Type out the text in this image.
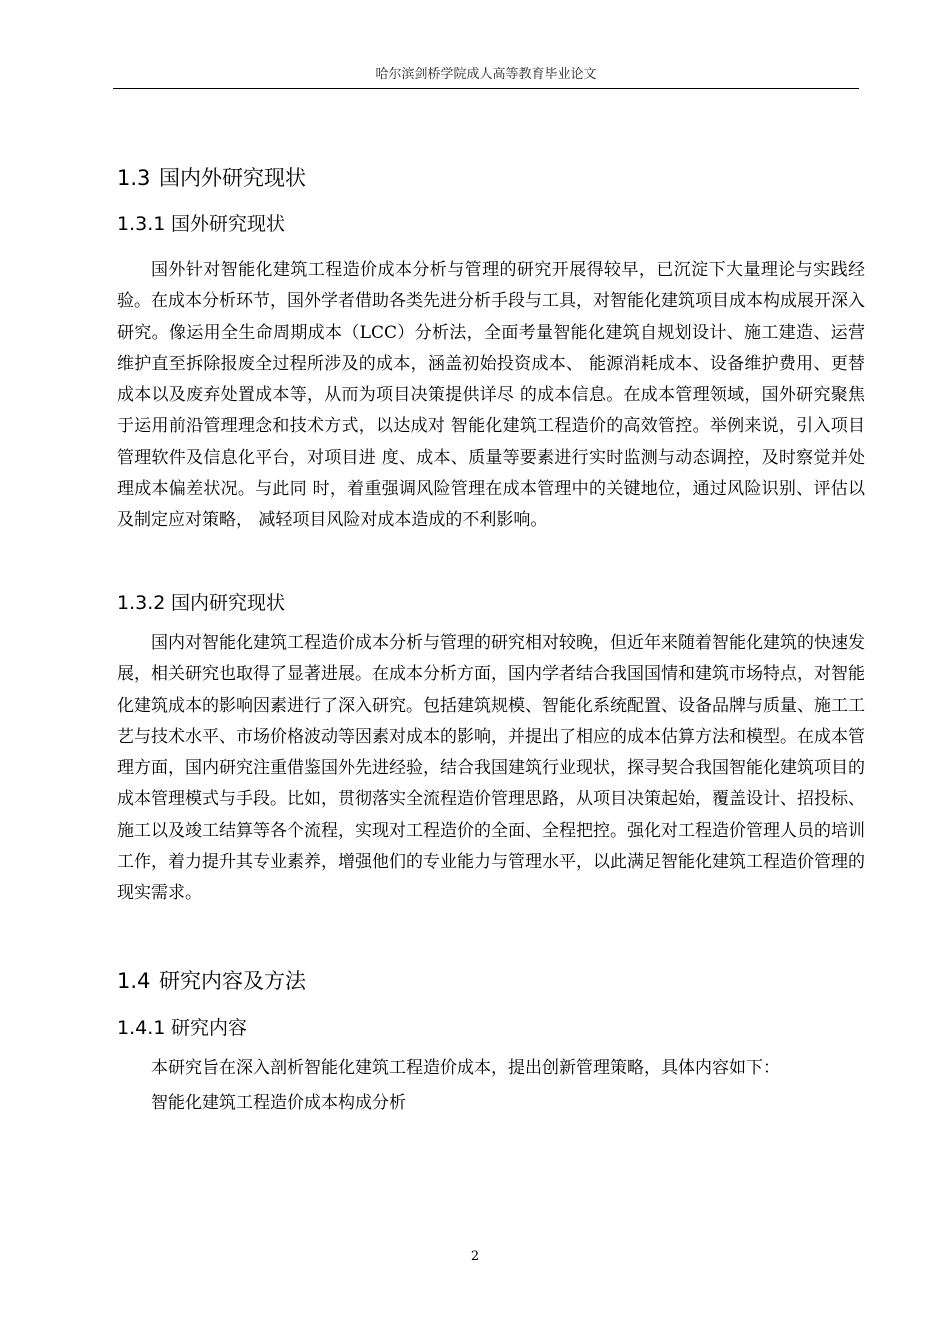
哈尔滨剑桥学院成人高等教育毕业论文
1.3 国内外研究现状
1.3.1 国外研究现状

国外针对智能化建筑工程造价成本分析与管理的研究开展得较早，已沉淀下大量理论与实践经验。在成本分析环节，国外学者借助各类先进分析手段与工具，对智能化建筑项目成本构成展开深入研究。像运用全生命周期成本（LCC）分析法，全面考量智能化建筑自规划设计、施工建造、运营维护直至拆除报废全过程所涉及的成本，涵盖初始投资成本、 能源消耗成本、设备维护费用、更替成本以及废弃处置成本等，从而为项目决策提供详尽 的成本信息。在成本管理领域，国外研究聚焦于运用前沿管理理念和技术方式，以达成对 智能化建筑工程造价的高效管控。举例来说，引入项目管理软件及信息化平台，对项目进 度、成本、质量等要素进行实时监测与动态调控，及时察觉并处理成本偏差状况。与此同 时，着重强调风险管理在成本管理中的关键地位，通过风险识别、评估以及制定应对策略， 减轻项目风险对成本造成的不利影响。

1.3.2 国内研究现状

国内对智能化建筑工程造价成本分析与管理的研究相对较晚，但近年来随着智能化建筑的快速发展，相关研究也取得了显著进展。在成本分析方面，国内学者结合我国国情和建筑市场特点，对智能化建筑成本的影响因素进行了深入研究。包括建筑规模、智能化系统配置、设备品牌与质量、施工工艺与技术水平、市场价格波动等因素对成本的影响，并提出了相应的成本估算方法和模型。在成本管理方面，国内研究注重借鉴国外先进经验，结合我国建筑行业现状，探寻契合我国智能化建筑项目的成本管理模式与手段。比如，贯彻落实全流程造价管理思路，从项目决策起始，覆盖设计、招投标、施工以及竣工结算等各个流程，实现对工程造价的全面、全程把控。强化对工程造价管理人员的培训工作，着力提升其专业素养，增强他们的专业能力与管理水平，以此满足智能化建筑工程造价管理的现实需求。

1.4 研究内容及方法
1.4.1 研究内容

本研究旨在深入剖析智能化建筑工程造价成本，提出创新管理策略，具体内容如下：

智能化建筑工程造价成本构成分析

2
